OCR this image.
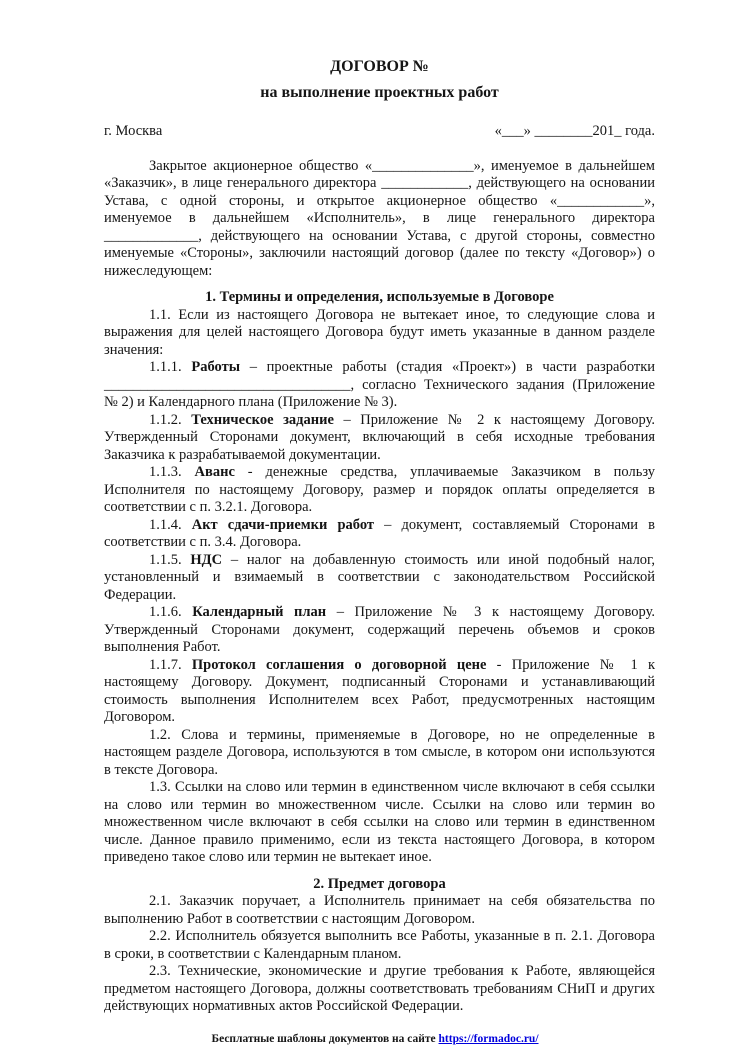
ДОГОВОР №
на выполнение проектных работ
г. Москва	«___» ________201_ года.

Закрытое акционерное общество «______________», именуемое в дальнейшем «Заказчик», в лице генерального директора ____________, действующего на основании Устава, с одной стороны, и открытое акционерное общество «____________», именуемое в дальнейшем «Исполнитель», в лице генерального директора _____________, действующего на основании Устава, с другой стороны, совместно именуемые «Стороны», заключили настоящий договор (далее по тексту «Договор») о нижеследующем:

1. Термины и определения, используемые в Договоре

1.1. Если из настоящего Договора не вытекает иное, то следующие слова и выражения для целей настоящего Договора будут иметь указанные в данном разделе значения:

1.1.1. Работы – проектные работы (стадия «Проект») в части разработки __________________________________, согласно Технического задания (Приложение № 2) и Календарного плана (Приложение № 3).

1.1.2. Техническое задание – Приложение № 2 к настоящему Договору. Утвержденный Сторонами документ, включающий в себя исходные требования Заказчика к разрабатываемой документации.

1.1.3. Аванс - денежные средства, уплачиваемые Заказчиком в пользу Исполнителя по настоящему Договору, размер и порядок оплаты определяется в соответствии с п. 3.2.1. Договора.

1.1.4. Акт сдачи-приемки работ – документ, составляемый Сторонами в соответствии с п. 3.4. Договора.

1.1.5. НДС – налог на добавленную стоимость или иной подобный налог, установленный и взимаемый в соответствии с законодательством Российской Федерации.

1.1.6. Календарный план – Приложение № 3 к настоящему Договору. Утвержденный Сторонами документ, содержащий перечень объемов и сроков выполнения Работ.

1.1.7. Протокол соглашения о договорной цене - Приложение № 1 к настоящему Договору. Документ, подписанный Сторонами и устанавливающий стоимость выполнения Исполнителем всех Работ, предусмотренных настоящим Договором.

1.2. Слова и термины, применяемые в Договоре, но не определенные в настоящем разделе Договора, используются в том смысле, в котором они используются в тексте Договора.

1.3. Ссылки на слово или термин в единственном числе включают в себя ссылки на слово или термин во множественном числе. Ссылки на слово или термин во множественном числе включают в себя ссылки на слово или термин в единственном числе. Данное правило применимо, если из текста настоящего Договора, в котором приведено такое слово или термин не вытекает иное.

2. Предмет договора

2.1. Заказчик поручает, а Исполнитель принимает на себя обязательства по выполнению Работ в соответствии с настоящим Договором.

2.2. Исполнитель обязуется выполнить все Работы, указанные в п. 2.1. Договора в сроки, в соответствии с Календарным планом.

2.3. Технические, экономические и другие требования к Работе, являющейся предметом настоящего Договора, должны соответствовать требованиям СНиП и других действующих нормативных актов Российской Федерации.

Бесплатные шаблоны документов на сайте https://formadoc.ru/
